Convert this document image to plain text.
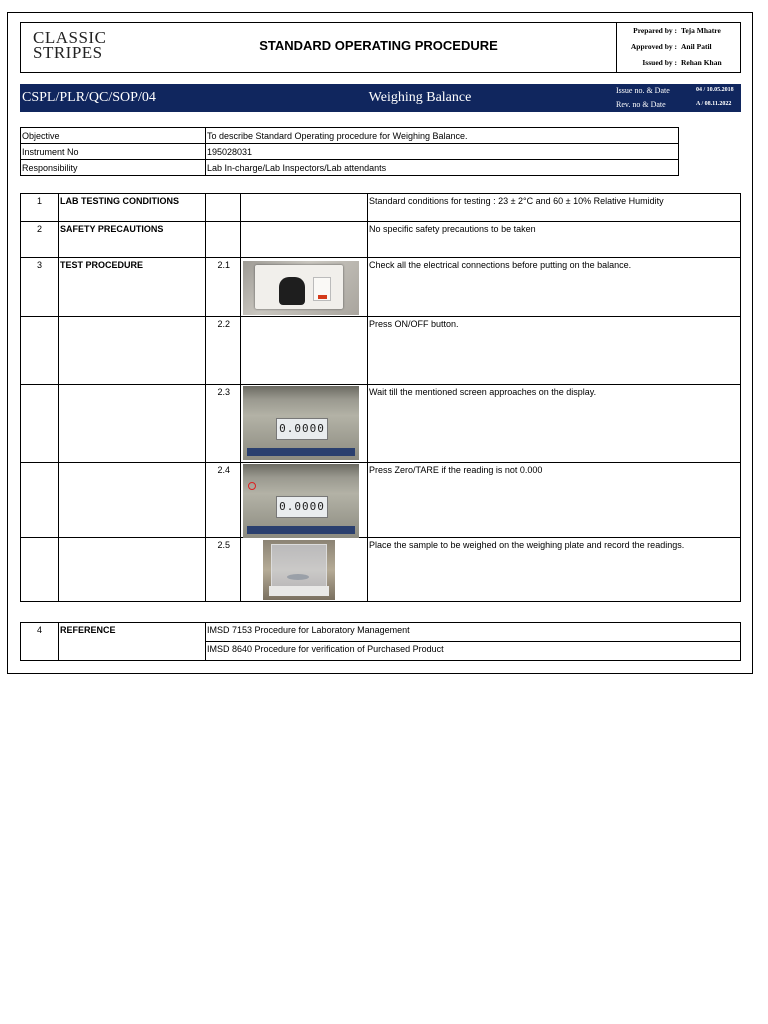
CLASSIC
STRIPES	STANDARD OPERATING PROCEDURE
Prepared by : Teja Mhatre
Approved by : Anil Patil
Issued by : Rehan Khan
CSPL/PLR/QC/SOP/04	Weighing Balance	Issue no. & Date	04 / 10.05.2018
Rev. no & Date	A / 08.11.2022
Objective	To describe Standard Operating procedure for Weighing Balance.
Instrument No	195028031
Responsibility	Lab In-charge/Lab Inspectors/Lab attendants
1	LAB TESTING CONDITIONS			Standard conditions for testing : 23 ± 2°C and 60 ± 10% Relative Humidity
2	SAFETY PRECAUTIONS			No specific safety precautions to be taken
3	TEST PROCEDURE	2.1		Check all the electrical connections before putting on the balance.
		2.2		Press ON/OFF button.
		2.3	0.0000	Wait till the mentioned screen approaches on the display.
		2.4	0.0000	Press Zero/TARE if the reading is not 0.000
		2.5		Place the sample to be weighed on the weighing plate and record the readings.
4	REFERENCE	IMSD 7153 Procedure for Laboratory Management
IMSD 8640 Procedure for verification of Purchased Product
